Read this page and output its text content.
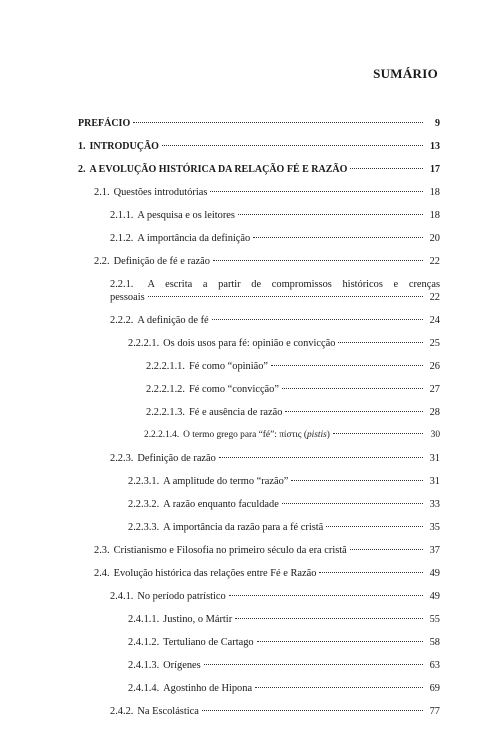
SUMÁRIO
PREFÁCIO	9
1. INTRODUÇÃO	13
2. A EVOLUÇÃO HISTÓRICA DA RELAÇÃO FÉ E RAZÃO	17
2.1. Questões introdutórias	18
2.1.1. A pesquisa e os leitores	18
2.1.2. A importância da definição	20
2.2. Definição de fé e razão	22
2.2.1. A escrita a partir de compromissos históricos e crenças
pessoais	22
2.2.2. A definição de fé	24
2.2.2.1. Os dois usos para fé: opinião e convicção	25
2.2.2.1.1. Fé como “opinião”	26
2.2.2.1.2. Fé como “convicção”	27
2.2.2.1.3. Fé e ausência de razão	28
2.2.2.1.4. O termo grego para “fé”: πίστις (pistis)	30
2.2.3. Definição de razão	31
2.2.3.1. A amplitude do termo “razão”	31
2.2.3.2. A razão enquanto faculdade	33
2.2.3.3. A importância da razão para a fé cristã	35
2.3. Cristianismo e Filosofia no primeiro século da era cristã	37
2.4. Evolução histórica das relações entre Fé e Razão	49
2.4.1. No período patrístico	49
2.4.1.1. Justino, o Mártir	55
2.4.1.2. Tertuliano de Cartago	58
2.4.1.3. Orígenes	63
2.4.1.4. Agostinho de Hipona	69
2.4.2. Na Escolástica	77
